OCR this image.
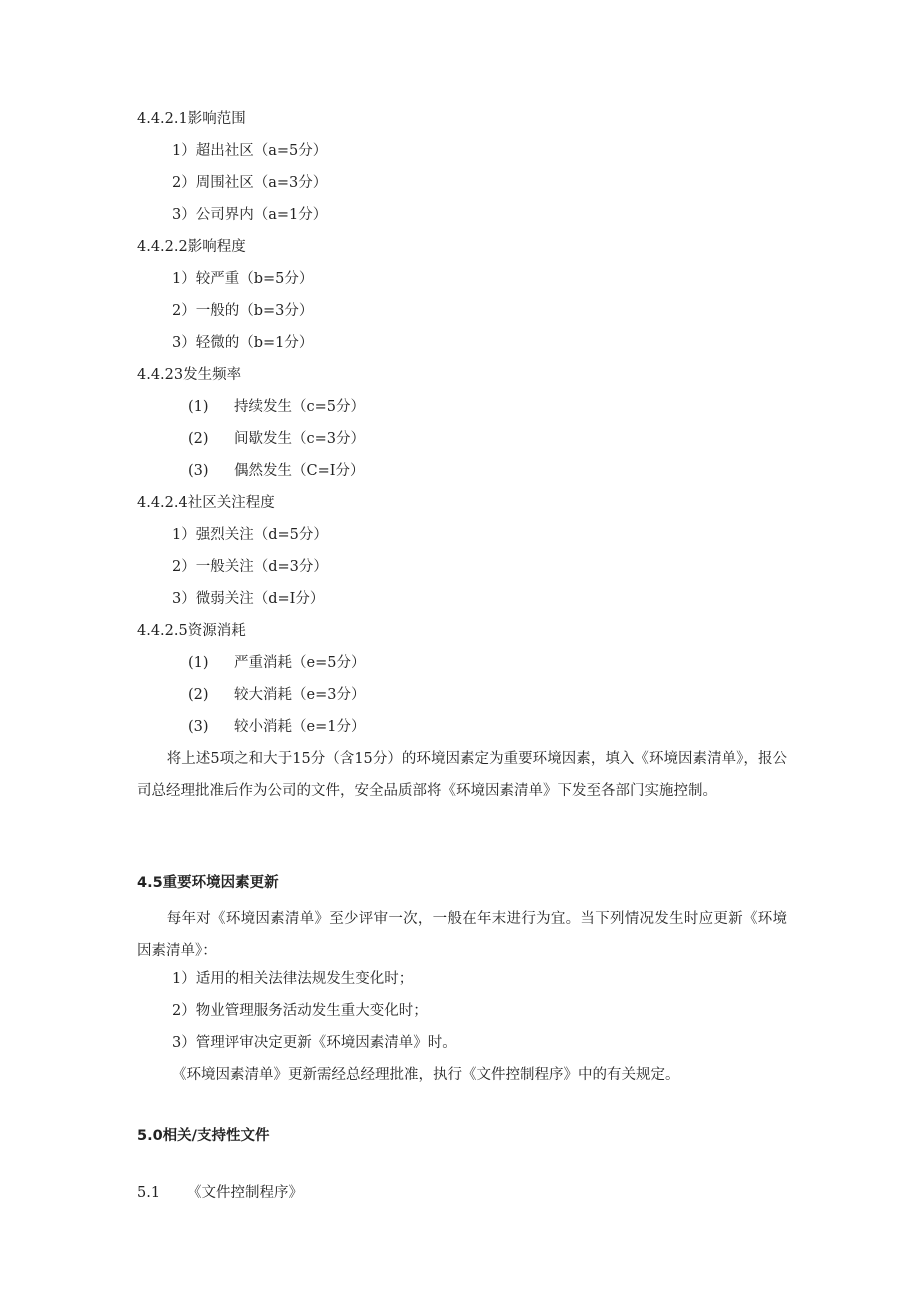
4.4.2.1影响范围
1）超出社区（a=5分）
2）周围社区（a=3分）
3）公司界内（a=1分）
4.4.2.2影响程度
1）较严重（b=5分）
2）一般的（b=3分）
3）轻微的（b=1分）
4.4.23发生频率
(1) 持续发生（c=5分）
(2) 间歇发生（c=3分）
(3) 偶然发生（C=I分）
4.4.2.4社区关注程度
1）强烈关注（d=5分）
2）一般关注（d=3分）
3）微弱关注（d=I分）
4.4.2.5资源消耗
(1) 严重消耗（e=5分）
(2) 较大消耗（e=3分）
(3) 较小消耗（e=1分）
将上述5项之和大于15分（含15分）的环境因素定为重要环境因素，填入《环境因素清单》，报公司总经理批准后作为公司的文件，安全品质部将《环境因素清单》下发至各部门实施控制。
4.5重要环境因素更新
每年对《环境因素清单》至少评审一次，一般在年末进行为宜。当下列情况发生时应更新《环境因素清单》：
1）适用的相关法律法规发生变化时；
2）物业管理服务活动发生重大变化时；
3）管理评审决定更新《环境因素清单》时。
《环境因素清单》更新需经总经理批准，执行《文件控制程序》中的有关规定。
5.0相关/支持性文件
5.1 《文件控制程序》
